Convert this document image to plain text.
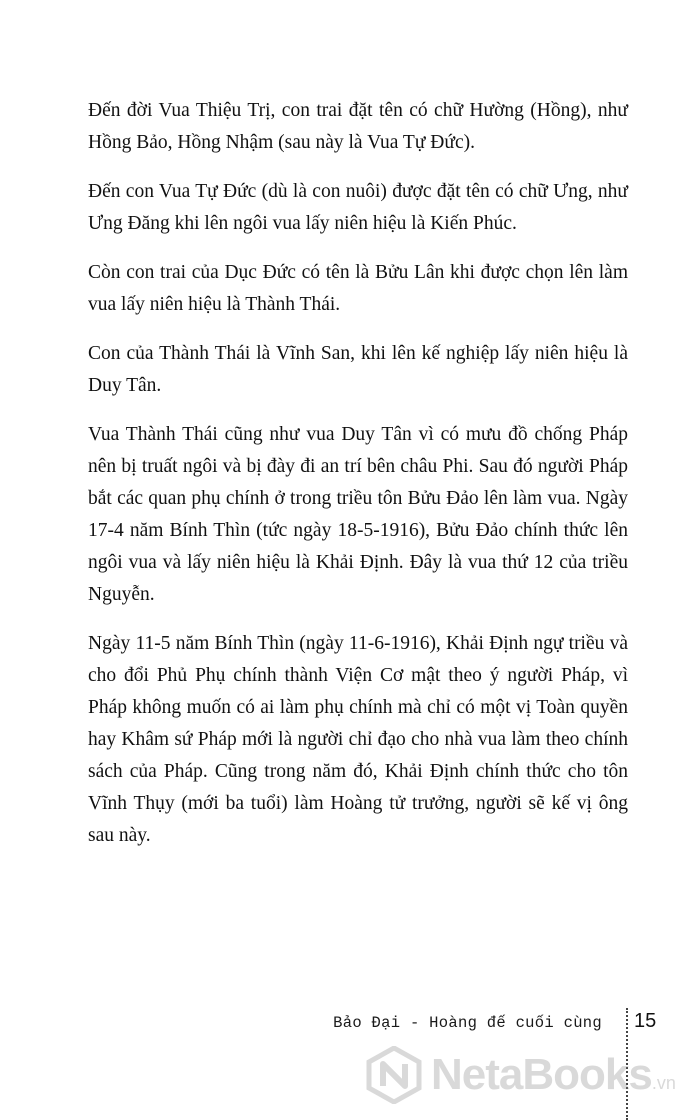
Đến đời Vua Thiệu Trị, con trai đặt tên có chữ Hường (Hồng), như Hồng Bảo, Hồng Nhậm (sau này là Vua Tự Đức).

Đến con Vua Tự Đức (dù là con nuôi) được đặt tên có chữ Ưng, như Ưng Đăng khi lên ngôi vua lấy niên hiệu là Kiến Phúc.

Còn con trai của Dục Đức có tên là Bửu Lân khi được chọn lên làm vua lấy niên hiệu là Thành Thái.

Con của Thành Thái là Vĩnh San, khi lên kế nghiệp lấy niên hiệu là Duy Tân.

Vua Thành Thái cũng như vua Duy Tân vì có mưu đồ chống Pháp nên bị truất ngôi và bị đày đi an trí bên châu Phi. Sau đó người Pháp bắt các quan phụ chính ở trong triều tôn Bửu Đảo lên làm vua. Ngày 17-4 năm Bính Thìn (tức ngày 18-5-1916), Bửu Đảo chính thức lên ngôi vua và lấy niên hiệu là Khải Định. Đây là vua thứ 12 của triều Nguyễn.

Ngày 11-5 năm Bính Thìn (ngày 11-6-1916), Khải Định ngự triều và cho đổi Phủ Phụ chính thành Viện Cơ mật theo ý người Pháp, vì Pháp không muốn có ai làm phụ chính mà chỉ có một vị Toàn quyền hay Khâm sứ Pháp mới là người chỉ đạo cho nhà vua làm theo chính sách của Pháp. Cũng trong năm đó, Khải Định chính thức cho tôn Vĩnh Thụy (mới ba tuổi) làm Hoàng tử trưởng, người sẽ kế vị ông sau này.

Bảo Đại - Hoàng đế cuối cùng 15
NetaBooks.vn
